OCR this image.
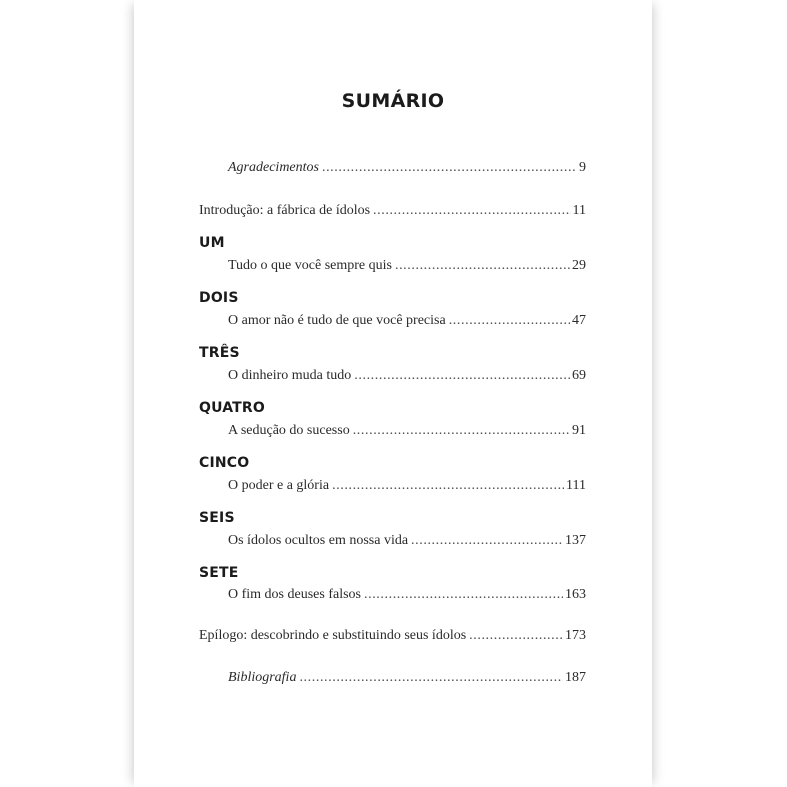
SUMÁRIO
Agradecimentos .....	9
Introdução: a fábrica de ídolos .....	11
UM
Tudo o que você sempre quis .....	29
DOIS
O amor não é tudo de que você precisa .....	47
TRÊS
O dinheiro muda tudo .....	69
QUATRO
A sedução do sucesso .....	91
CINCO
O poder e a glória .....	111
SEIS
Os ídolos ocultos em nossa vida .....	137
SETE
O fim dos deuses falsos .....	163
Epílogo: descobrindo e substituindo seus ídolos .....	173
Bibliografia .....	187
